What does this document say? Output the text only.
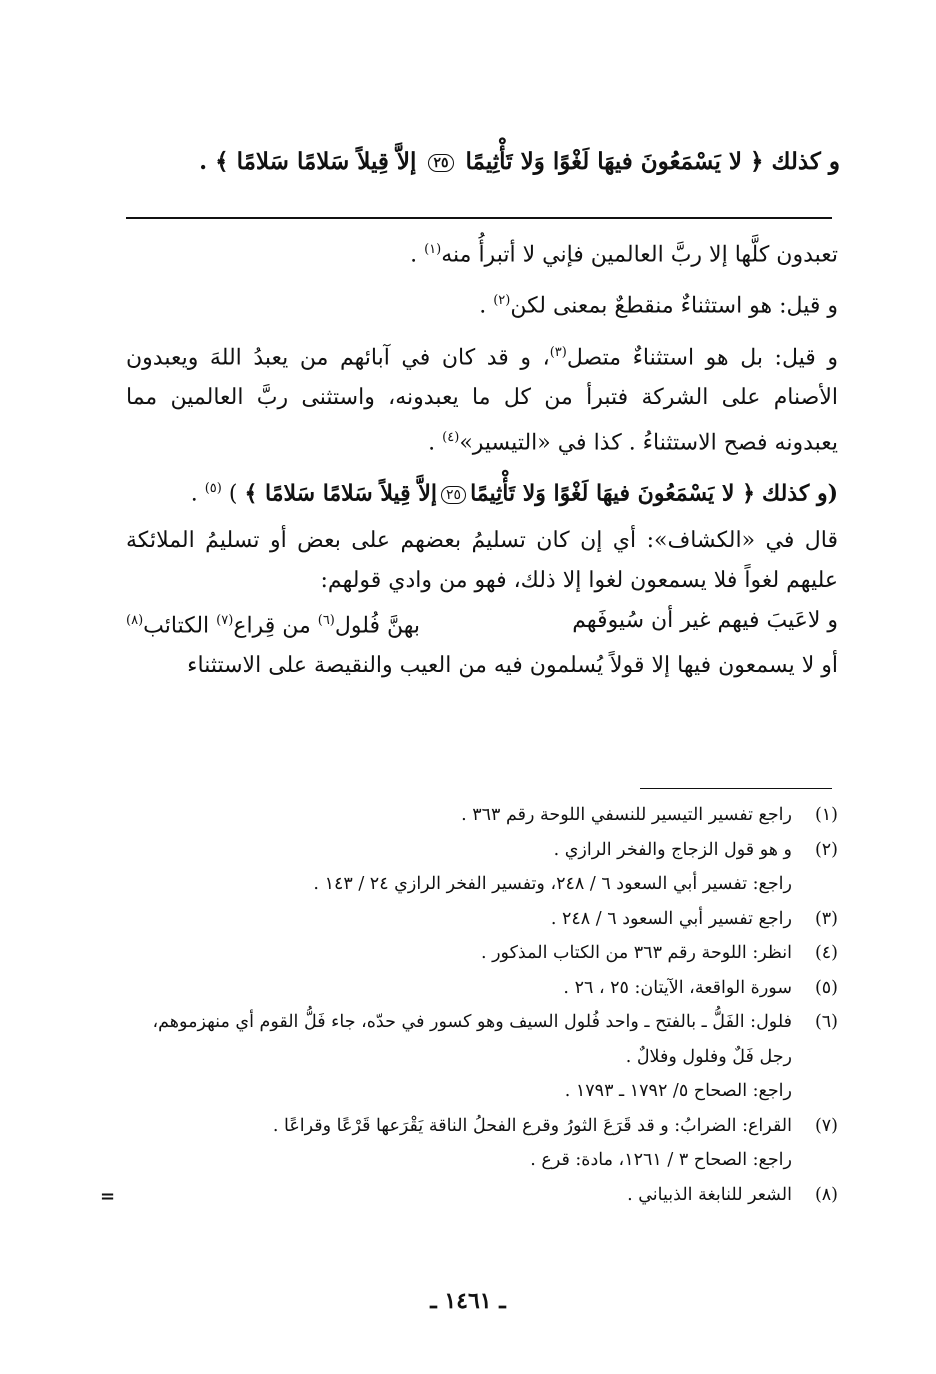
و كذلك ﴿ لا يَسْمَعُونَ فيهَا لَغْوًا وَلا تَأْثِيمًا ٢٥ إلاَّ قِيلاً سَلامًا سَلامًا ﴾ .

تعبدون كلَّها إلا ربَّ العالمين فإني لا أتبرأُ منه$^{(١)}$ .

و قيل: هو استثناءٌ منقطعٌ بمعنى لكن$^{(٢)}$ .

و قيل: بل هو استثناءٌ متصل$^{(٣)}$، و قد كان في آبائهم من يعبدُ اللهَ ويعبدون الأصنام على الشركة فتبرأ من كل ما يعبدونه، واستثنى ربَّ العالمين مما يعبدونه فصح الاستثناءُ . كذا في «التيسير»$^{(٤)}$ .

(و كذلك ﴿ لا يَسْمَعُونَ فيهَا لَغْوًا وَلا تَأْثِيمًا٢٥إلاَّ قِيلاً سَلامًا سَلامًا ﴾ ) $^{(٥)}$ .

قال في «الكشاف»: أي إن كان تسليمُ بعضهم على بعض أو تسليمُ الملائكة عليهم لغواً فلا يسمعون لغوا إلا ذلك، فهو من وادي قولهم:

و لاعَيبَ فيهم غير أن سُيوفَهم
بهنَّ فُلول$^{(٦)}$ من قِراع$^{(٧)}$ الكتائب$^{(٨)}$

أو لا يسمعون فيها إلا قولاً يُسلمون فيه من العيب والنقيصة على الاستثناء

(١)
راجع تفسير التيسير للنسفي اللوحة رقم ٣٦٣ .
(٢)
و هو قول الزجاج والفخر الرازي .
راجع: تفسير أبي السعود ٦ / ٢٤٨، وتفسير الفخر الرازي ٢٤ / ١٤٣ .
(٣)
راجع تفسير أبي السعود ٦ / ٢٤٨ .
(٤)
انظر: اللوحة رقم ٣٦٣ من الكتاب المذكور .
(٥)
سورة الواقعة، الآيتان: ٢٥ ، ٢٦ .
(٦)
فلول: الفَلُّ ـ بالفتح ـ واحد فُلول السيف وهو كسور في حدّه، جاء فَلُّ القوم أي منهزموهم، رجل فَلٌ وفلول وفلالٌ .
راجع: الصحاح ٥/ ١٧٩٢ ـ ١٧٩٣ .
(٧)
القراع: الضرابُ: و قد قَرَعَ الثورُ وقرع الفحلُ الناقة يَقْرَعها قَرْعًا وقراعًا .
راجع: الصحاح ٣ / ١٢٦١، مادة: قرع .
(٨)
الشعر للنابغة الذبياني .
=
ـ ١٤٦١ ـ
